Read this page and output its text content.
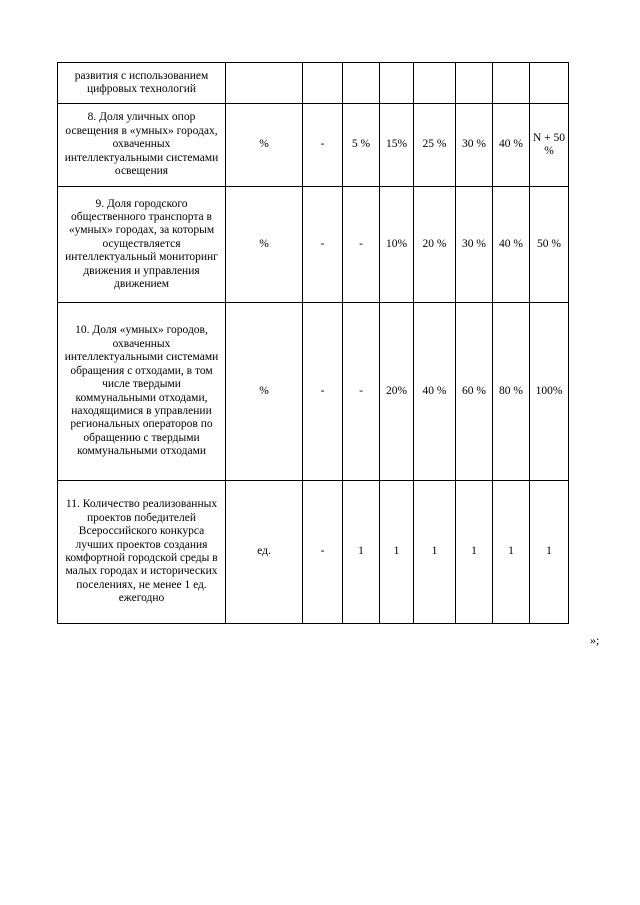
развития с использованием цифровых технологий								
8. Доля уличных опор освещения в «умных» городах, охваченных интеллектуальными системами освещения	%	-	5 %	15%	25 %	30 %	40 %	N + 50 %
9. Доля городского общественного транспорта в «умных» городах, за которым осуществляется интеллектуальный мониторинг движения и управления движением	%	-	-	10%	20 %	30 %	40 %	50 %
10. Доля «умных» городов, охваченных интеллектуальными системами обращения с отходами, в том числе твердыми коммунальными отходами, находящимися в управлении региональных операторов по обращению с твердыми коммунальными отходами	%	-	-	20%	40 %	60 %	80 %	100%
11. Количество реализованных проектов победителей Всероссийского конкурса лучших проектов создания комфортной городской среды в малых городах и исторических поселениях, не менее 1 ед. ежегодно	ед.	-	1	1	1	1	1	1
»;
